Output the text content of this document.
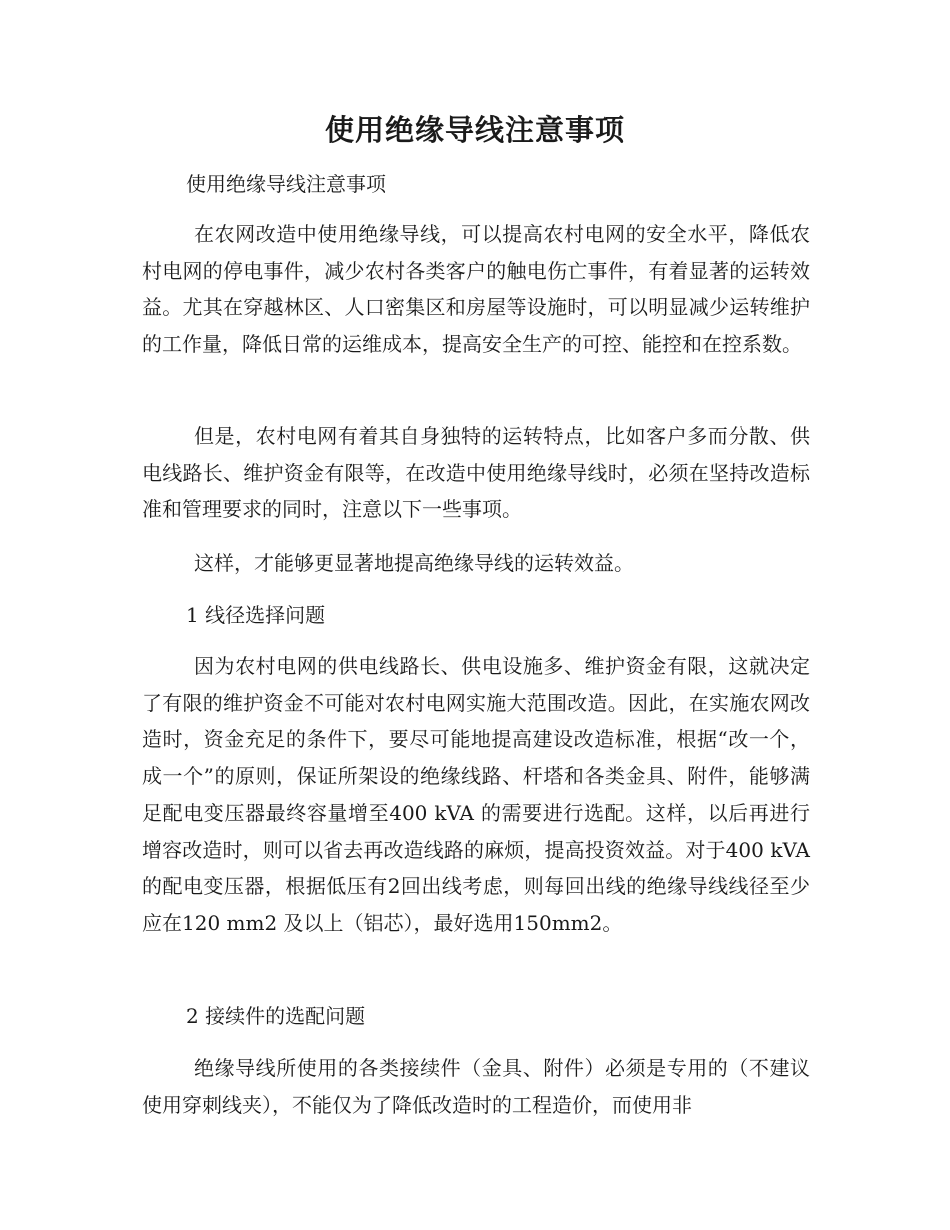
使用绝缘导线注意事项
使用绝缘导线注意事项

在农网改造中使用绝缘导线，可以提高农村电网的安全水平，降低农村电网的停电事件，减少农村各类客户的触电伤亡事件，有着显著的运转效益。尤其在穿越林区、人口密集区和房屋等设施时，可以明显减少运转维护的工作量，降低日常的运维成本，提高安全生产的可控、能控和在控系数。

但是，农村电网有着其自身独特的运转特点，比如客户多而分散、供电线路长、维护资金有限等，在改造中使用绝缘导线时，必须在坚持改造标准和管理要求的同时，注意以下一些事项。

这样，才能够更显著地提高绝缘导线的运转效益。

1 线径选择问题

因为农村电网的供电线路长、供电设施多、维护资金有限，这就决定了有限的维护资金不可能对农村电网实施大范围改造。因此，在实施农网改造时，资金充足的条件下，要尽可能地提高建设改造标准，根据“改一个，成一个”的原则，保证所架设的绝缘线路、杆塔和各类金具、附件，能够满足配电变压器最终容量增至400 kVA 的需要进行选配。这样，以后再进行增容改造时，则可以省去再改造线路的麻烦，提高投资效益。对于400 kVA 的配电变压器，根据低压有2回出线考虑，则每回出线的绝缘导线线径至少应在120 mm2 及以上（铝芯），最好选用150mm2。

2 接续件的选配问题

绝缘导线所使用的各类接续件（金具、附件）必须是专用的（不建议使用穿刺线夹），不能仅为了降低改造时的工程造价，而使用非
